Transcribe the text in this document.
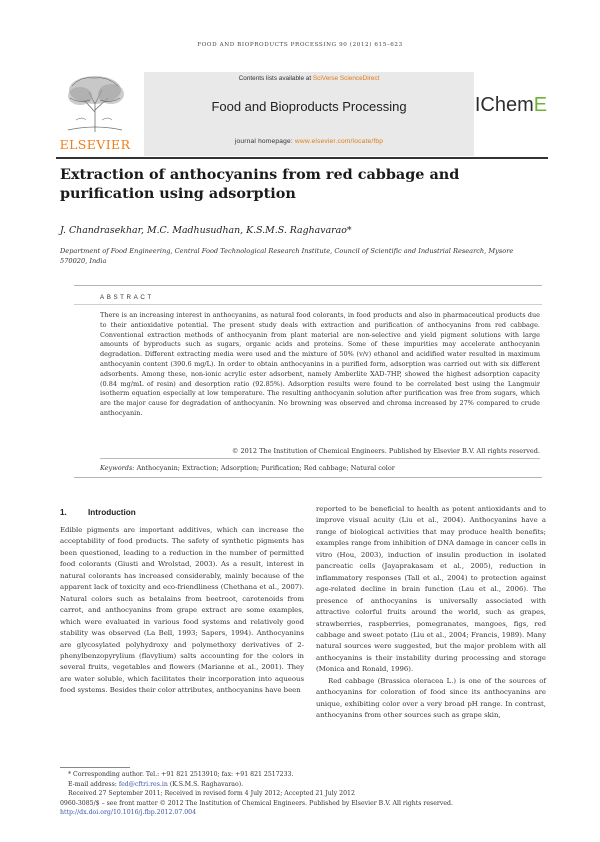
FOOD AND BIOPRODUCTS PROCESSING 90 (2012) 615–623
ELSEVIER
Contents lists available at SciVerse ScienceDirect
Food and Bioproducts Processing
journal homepage: www.elsevier.com/locate/fbp
IChemE
Extraction of anthocyanins from red cabbage and purification using adsorption
J. Chandrasekhar, M.C. Madhusudhan, K.S.M.S. Raghavarao*
Department of Food Engineering, Central Food Technological Research Institute, Council of Scientific and Industrial Research, Mysore 570020, India
ABSTRACT
There is an increasing interest in anthocyanins, as natural food colorants, in food products and also in pharmaceutical products due to their antioxidative potential. The present study deals with extraction and purification of anthocyanins from red cabbage. Conventional extraction methods of anthocyanin from plant material are non-selective and yield pigment solutions with large amounts of byproducts such as sugars, organic acids and proteins. Some of these impurities may accelerate anthocyanin degradation. Different extracting media were used and the mixture of 50% (v/v) ethanol and acidified water resulted in maximum anthocyanin content (390.6 mg/L). In order to obtain anthocyanins in a purified form, adsorption was carried out with six different adsorbents. Among these, non-ionic acrylic ester adsorbent, namely Amberlite XAD-7HP, showed the highest adsorption capacity (0.84 mg/mL of resin) and desorption ratio (92.85%). Adsorption results were found to be correlated best using the Langmuir isotherm equation especially at low temperature. The resulting anthocyanin solution after purification was free from sugars, which are the major cause for degradation of anthocyanin. No browning was observed and chroma increased by 27% compared to crude anthocyanin.
© 2012 The Institution of Chemical Engineers. Published by Elsevier B.V. All rights reserved.
Keywords: Anthocyanin; Extraction; Adsorption; Purification; Red cabbage; Natural color
1.	Introduction

Edible pigments are important additives, which can increase the acceptability of food products. The safety of synthetic pigments has been questioned, leading to a reduction in the number of permitted food colorants (Giusti and Wrolstad, 2003). As a result, interest in natural colorants has increased considerably, mainly because of the apparent lack of toxicity and eco-friendliness (Chethana et al., 2007). Natural colors such as betalains from beetroot, carotenoids from carrot, and anthocyanins from grape extract are some examples, which were evaluated in various food systems and relatively good stability was observed (La Bell, 1993; Sapers, 1994). Anthocyanins are glycosylated polyhydroxy and polymethoxy derivatives of 2-phenylbenzopyrylium (flavylium) salts accounting for the colors in several fruits, vegetables and flowers (Marianne et al., 2001). They are water soluble, which facilitates their incorporation into aqueous food systems. Besides their color attributes, anthocyanins have been

reported to be beneficial to health as potent antioxidants and to improve visual acuity (Liu et al., 2004). Anthocyanins have a range of biological activities that may produce health benefits; examples range from inhibition of DNA damage in cancer cells in vitro (Hou, 2003), induction of insulin production in isolated pancreatic cells (Jayaprakasam et al., 2005), reduction in inflammatory responses (Tall et al., 2004) to protection against age-related decline in brain function (Lau et al., 2006). The presence of anthocyanins is universally associated with attractive colorful fruits around the world, such as grapes, strawberries, raspberries, pomegranates, mangoes, figs, red cabbage and sweet potato (Liu et al., 2004; Francis, 1989). Many natural sources were suggested, but the major problem with all anthocyanins is their instability during processing and storage (Monica and Ronald, 1996).

Red cabbage (Brassica oleracea L.) is one of the sources of anthocyanins for coloration of food since its anthocyanins are unique, exhibiting color over a very broad pH range. In contrast, anthocyanins from other sources such as grape skin,

* Corresponding author. Tel.: +91 821 2513910; fax: +91 821 2517233.
E-mail address: fed@cftri.res.in (K.S.M.S. Raghavarao).
Received 27 September 2011; Received in revised form 4 July 2012; Accepted 21 July 2012
0960-3085/$ – see front matter © 2012 The Institution of Chemical Engineers. Published by Elsevier B.V. All rights reserved.
http://dx.doi.org/10.1016/j.fbp.2012.07.004
